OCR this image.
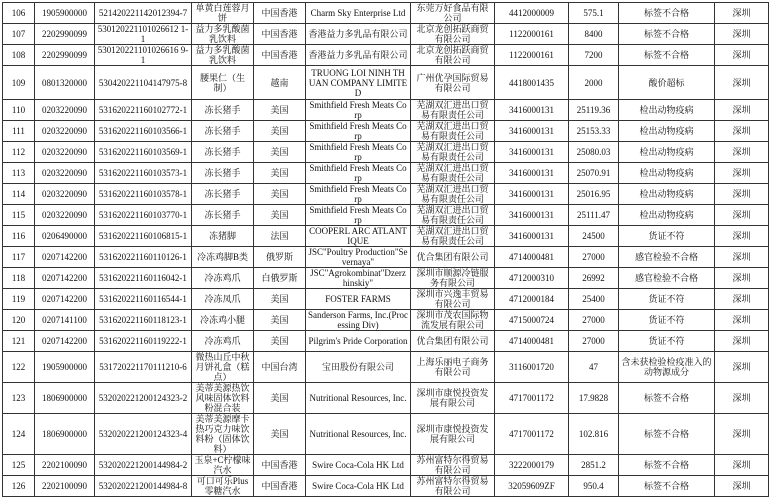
106	1905900000	521420221142012394-7	单黄白莲蓉月饼	中国香港	Charm Sky Enterprise Ltd	东莞万好食品有限公司	4412000009	575.1	标签不合格	深圳
107	2202990099	530120221101026612 1-1	益力多乳酸菌乳饮料	中国香港	香港益力多乳品有限公司	北京龙创拓跃商贸有限公司	1122000161	8400	标签不合格	深圳
108	2202990099	530120221101026616 9-1	益力多乳酸菌乳饮料	中国香港	香港益力多乳品有限公司	北京龙创拓跃商贸有限公司	1122000161	7200	标签不合格	深圳
109	0801320000	530420221104147975-8	腰果仁（生制）	越南	TRUONG LOI NINH THUAN COMPANY LIMITED	广州优孕国际贸易有限公司	4418001435	2000	酸价超标	深圳
110	0203220090	531620221160102772-1	冻长猪手	美国	Smithfield Fresh Meats Corp	芜湖双汇进出口贸易有限责任公司	3416000131	25119.36	检出动物疫病	深圳
111	0203220090	531620221160103566-1	冻长猪手	美国	Smithfield Fresh Meats Corp	芜湖双汇进出口贸易有限责任公司	3416000131	25153.33	检出动物疫病	深圳
112	0203220090	531620221160103569-1	冻长猪手	美国	Smithfield Fresh Meats Corp	芜湖双汇进出口贸易有限责任公司	3416000131	25080.03	检出动物疫病	深圳
113	0203220090	531620221160103573-1	冻长猪手	美国	Smithfield Fresh Meats Corp	芜湖双汇进出口贸易有限责任公司	3416000131	25070.91	检出动物疫病	深圳
114	0203220090	531620221160103578-1	冻长猪手	美国	Smithfield Fresh Meats Corp	芜湖双汇进出口贸易有限责任公司	3416000131	25016.95	检出动物疫病	深圳
115	0203220090	531620221160103770-1	冻长猪手	美国	Smithfield Fresh Meats Corp	芜湖双汇进出口贸易有限责任公司	3416000131	25111.47	检出动物疫病	深圳
116	0206490000	531620221160106815-1	冻猪脚	法国	COOPERL ARC ATLANTIQUE	芜湖双汇进出口贸易有限责任公司	3416000131	24500	货证不符	深圳
117	0207142200	531620221160110126-1	冷冻鸡脚B类	俄罗斯	JSC"Poultry Production"Severnaya"	优合集团有限公司	4714000481	27000	感官检验不合格	深圳
118	0207142200	531620221160116042-1	冷冻鸡爪	白俄罗斯	JSC"Agrokombinat"Dzerzhinskiy"	深圳市顺源冷链服务有限公司	4712000310	26992	感官检验不合格	深圳
119	0207142200	531620221160116544-1	冷冻凤爪	美国	FOSTER FARMS	深圳市兴逸丰贸易有限公司	4712000184	25400	货证不符	深圳
120	0207141100	531620221160118123-1	冷冻鸡小腿	美国	Sanderson Farms, Inc.(Processing Div)	深圳市茂农国际物流发展有限公司	4715000724	27000	货证不符	深圳
121	0207142200	531620221160119222-1	冷冻鸡爪	美国	Pilgrim's Pride Corporation	优合集团有限公司	4714000481	27000	货证不符	深圳
122	1905900000	531720221170111210-6	微热山丘中秋月饼礼盒（糕点）	中国台湾	宝田股份有限公司	上海乐丽电子商务有限公司	3116001720	47	含未获检验检疫准入的动物源成分	深圳
123	1806900000	532020221200124323-2	美蒂美源热饮风味固体饮料粉混合装	美国	Nutritional Resources, Inc.	深圳市康悦投资发展有限公司	4717001172	17.9828	标签不合格	深圳
124	1806900000	532020221200124323-4	美蒂美源摩卡热巧克力味饮料粉（固体饮料）	美国	Nutritional Resources, Inc.	深圳市康悦投资发展有限公司	4717001172	102.816	标签不合格	深圳
125	2202100090	532020221200144984-2	玉泉+C柠檬味汽水	中国香港	Swire Coca-Cola HK Ltd	苏州富特尔得贸易有限公司	3222000179	2851.2	标签不合格	深圳
126	2202100090	532020221200144984-8	可口可乐Plus零糖汽水	中国香港	Swire Coca-Cola HK Ltd	苏州富特尔得贸易有限公司	32059609ZF	950.4	标签不合格	深圳
